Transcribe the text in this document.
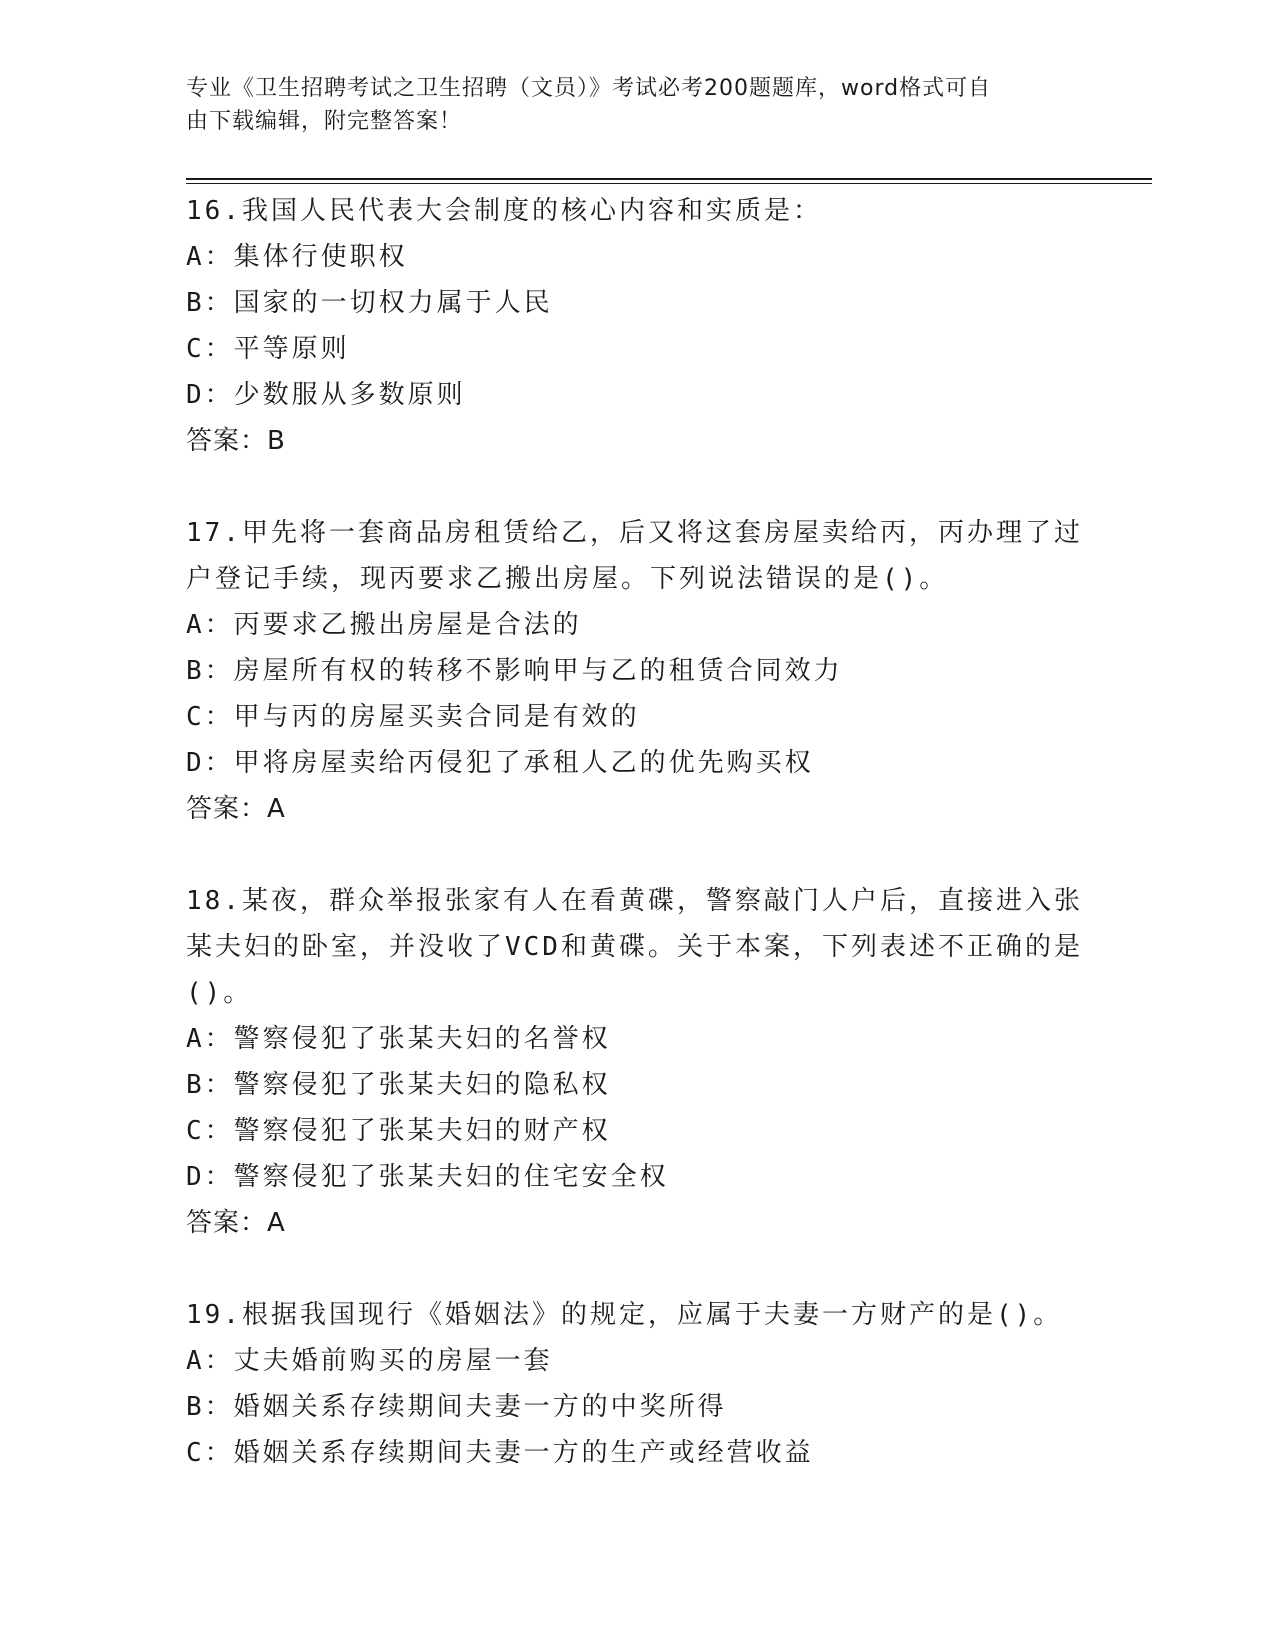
专业《卫生招聘考试之卫生招聘（文员）》考试必考200题题库，word格式可自
由下载编辑，附完整答案！

16.我国人民代表大会制度的核心内容和实质是：

A：集体行使职权

B：国家的一切权力属于人民

C：平等原则

D：少数服从多数原则

答案：B

17.甲先将一套商品房租赁给乙，后又将这套房屋卖给丙，丙办理了过户登记手续，现丙要求乙搬出房屋。下列说法错误的是()。

A：丙要求乙搬出房屋是合法的

B：房屋所有权的转移不影响甲与乙的租赁合同效力

C：甲与丙的房屋买卖合同是有效的

D：甲将房屋卖给丙侵犯了承租人乙的优先购买权

答案：A

18.某夜，群众举报张家有人在看黄碟，警察敲门人户后，直接进入张某夫妇的卧室，并没收了VCD和黄碟。关于本案，下列表述不正确的是()。

A：警察侵犯了张某夫妇的名誉权

B：警察侵犯了张某夫妇的隐私权

C：警察侵犯了张某夫妇的财产权

D：警察侵犯了张某夫妇的住宅安全权

答案：A

19.根据我国现行《婚姻法》的规定，应属于夫妻一方财产的是()。

A：丈夫婚前购买的房屋一套

B：婚姻关系存续期间夫妻一方的中奖所得

C：婚姻关系存续期间夫妻一方的生产或经营收益
